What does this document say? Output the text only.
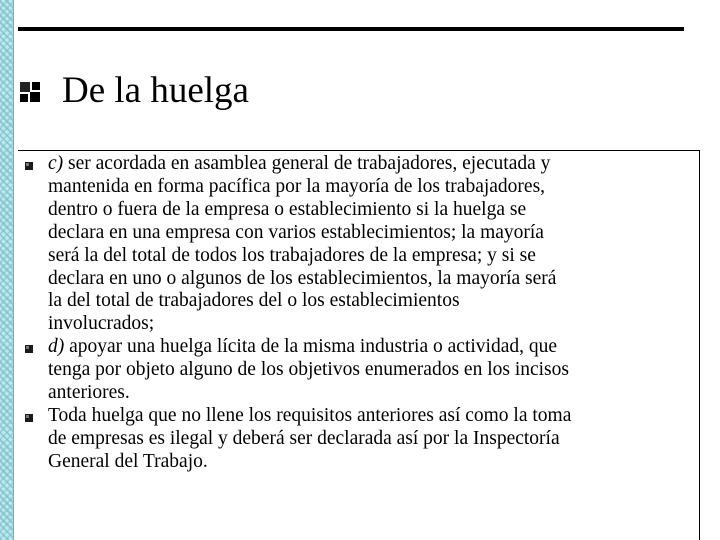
De la huelga
c) ser acordada en asamblea general de trabajadores, ejecutada y
mantenida en forma pacífica por la mayoría de los trabajadores,
dentro o fuera de la empresa o establecimiento si la huelga se
declara en una empresa con varios establecimientos; la mayoría
será la del total de todos los trabajadores de la empresa; y si se
declara en uno o algunos de los establecimientos, la mayoría será
la del total de trabajadores del o los establecimientos
involucrados;
d) apoyar una huelga lícita de la misma industria o actividad, que
tenga por objeto alguno de los objetivos enumerados en los incisos
anteriores.
Toda huelga que no llene los requisitos anteriores así como la toma
de empresas es ilegal y deberá ser declarada así por la Inspectoría
General del Trabajo.
